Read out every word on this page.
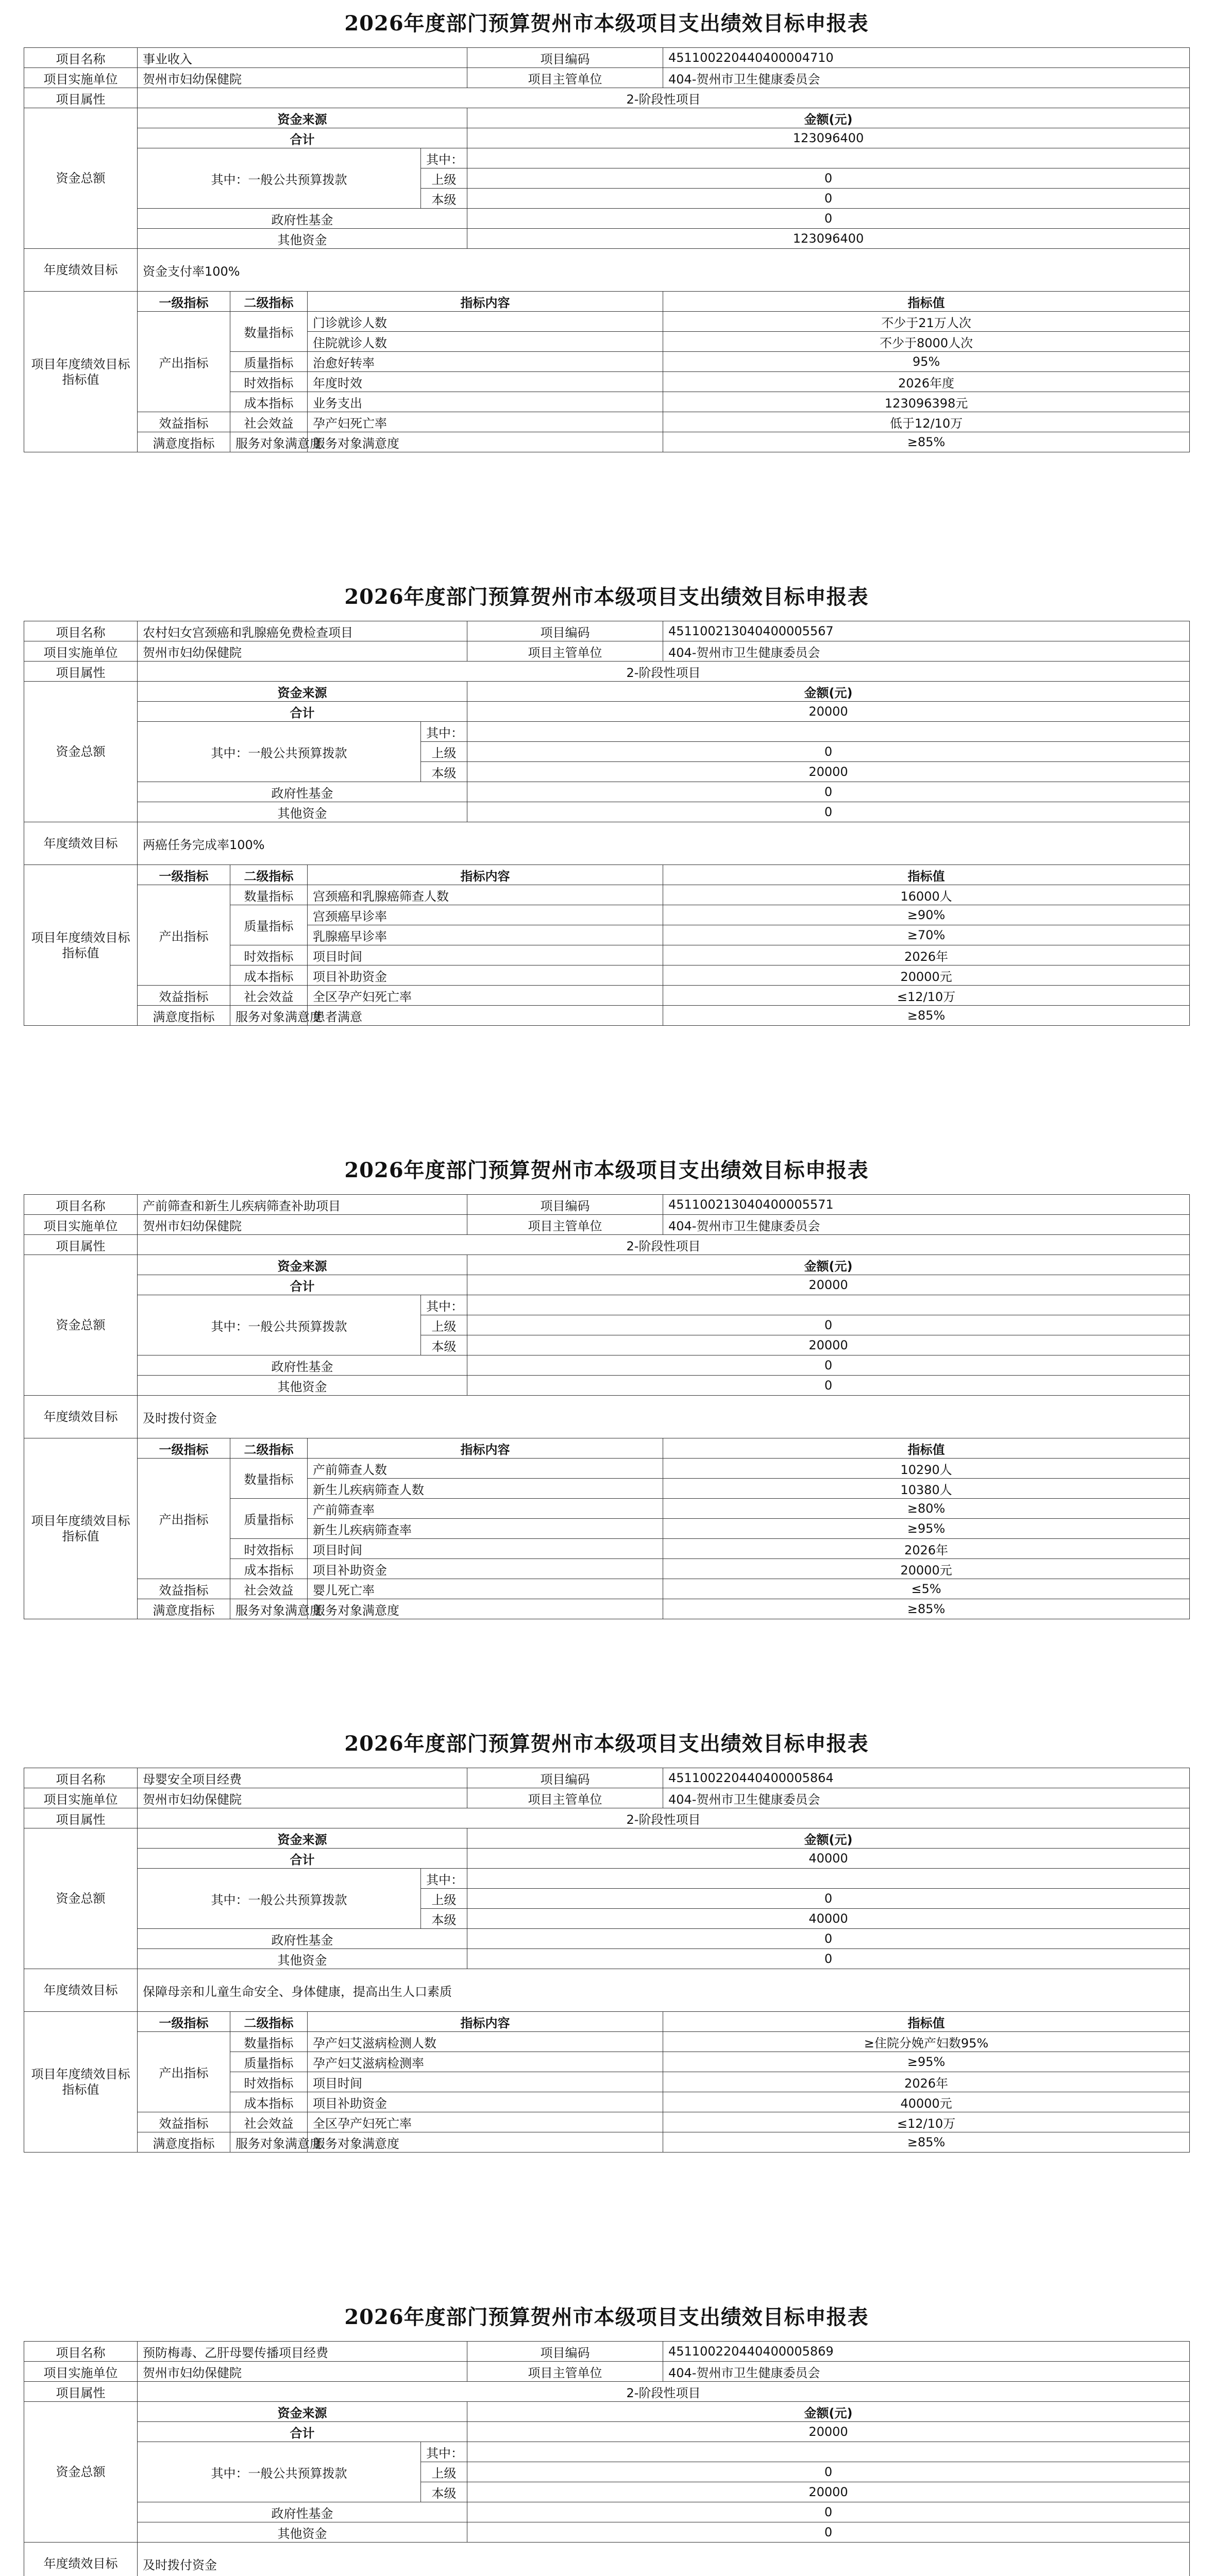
2026年度部门预算贺州市本级项目支出绩效目标申报表
项目名称	事业收入				项目编码	451100220440400004710
项目实施单位	贺州市妇幼保健院				项目主管单位	404-贺州市卫生健康委员会
项目属性	2-阶段性项目					
资金总额	资金来源				金额(元)	
	合计				123096400	
	其中：一般公共预算拨款			其中：		
				上级	0	
				本级	0	
	政府性基金				0	
	其他资金				123096400	
年度绩效目标	资金支付率100%					
项目年度绩效目标指标值	一级指标	二级指标	指标内容			指标值
	产出指标	数量指标	门诊就诊人数			不少于21万人次
			住院就诊人数			不少于8000人次
		质量指标	治愈好转率			95%
		时效指标	年度时效			2026年度
		成本指标	业务支出			123096398元
	效益指标	社会效益	孕产妇死亡率			低于12/10万
	满意度指标	服务对象满意度	服务对象满意度			≥85%
2026年度部门预算贺州市本级项目支出绩效目标申报表
项目名称	农村妇女宫颈癌和乳腺癌免费检查项目				项目编码	451100213040400005567
项目实施单位	贺州市妇幼保健院				项目主管单位	404-贺州市卫生健康委员会
项目属性	2-阶段性项目					
资金总额	资金来源				金额(元)	
	合计				20000	
	其中：一般公共预算拨款			其中：		
				上级	0	
				本级	20000	
	政府性基金				0	
	其他资金				0	
年度绩效目标	两癌任务完成率100%					
项目年度绩效目标指标值	一级指标	二级指标	指标内容			指标值
	产出指标	数量指标	宫颈癌和乳腺癌筛查人数			16000人
		质量指标	宫颈癌早诊率			≥90%
			乳腺癌早诊率			≥70%
		时效指标	项目时间			2026年
		成本指标	项目补助资金			20000元
	效益指标	社会效益	全区孕产妇死亡率			≤12/10万
	满意度指标	服务对象满意度	患者满意			≥85%
2026年度部门预算贺州市本级项目支出绩效目标申报表
项目名称	产前筛查和新生儿疾病筛查补助项目				项目编码	451100213040400005571
项目实施单位	贺州市妇幼保健院				项目主管单位	404-贺州市卫生健康委员会
项目属性	2-阶段性项目					
资金总额	资金来源				金额(元)	
	合计				20000	
	其中：一般公共预算拨款			其中：		
				上级	0	
				本级	20000	
	政府性基金				0	
	其他资金				0	
年度绩效目标	及时拨付资金					
项目年度绩效目标指标值	一级指标	二级指标	指标内容			指标值
	产出指标	数量指标	产前筛查人数			10290人
			新生儿疾病筛查人数			10380人
		质量指标	产前筛查率			≥80%
			新生儿疾病筛查率			≥95%
		时效指标	项目时间			2026年
		成本指标	项目补助资金			20000元
	效益指标	社会效益	婴儿死亡率			≤5%
	满意度指标	服务对象满意度	服务对象满意度			≥85%
2026年度部门预算贺州市本级项目支出绩效目标申报表
项目名称	母婴安全项目经费				项目编码	451100220440400005864
项目实施单位	贺州市妇幼保健院				项目主管单位	404-贺州市卫生健康委员会
项目属性	2-阶段性项目					
资金总额	资金来源				金额(元)	
	合计				40000	
	其中：一般公共预算拨款			其中：		
				上级	0	
				本级	40000	
	政府性基金				0	
	其他资金				0	
年度绩效目标	保障母亲和儿童生命安全、身体健康，提高出生人口素质					
项目年度绩效目标指标值	一级指标	二级指标	指标内容			指标值
	产出指标	数量指标	孕产妇艾滋病检测人数			≥住院分娩产妇数95%
		质量指标	孕产妇艾滋病检测率			≥95%
		时效指标	项目时间			2026年
		成本指标	项目补助资金			40000元
	效益指标	社会效益	全区孕产妇死亡率			≤12/10万
	满意度指标	服务对象满意度	服务对象满意度			≥85%
2026年度部门预算贺州市本级项目支出绩效目标申报表
项目名称	预防梅毒、乙肝母婴传播项目经费				项目编码	451100220440400005869
项目实施单位	贺州市妇幼保健院				项目主管单位	404-贺州市卫生健康委员会
项目属性	2-阶段性项目					
资金总额	资金来源				金额(元)	
	合计				20000	
	其中：一般公共预算拨款			其中：		
				上级	0	
				本级	20000	
	政府性基金				0	
	其他资金				0	
年度绩效目标	及时拨付资金					
